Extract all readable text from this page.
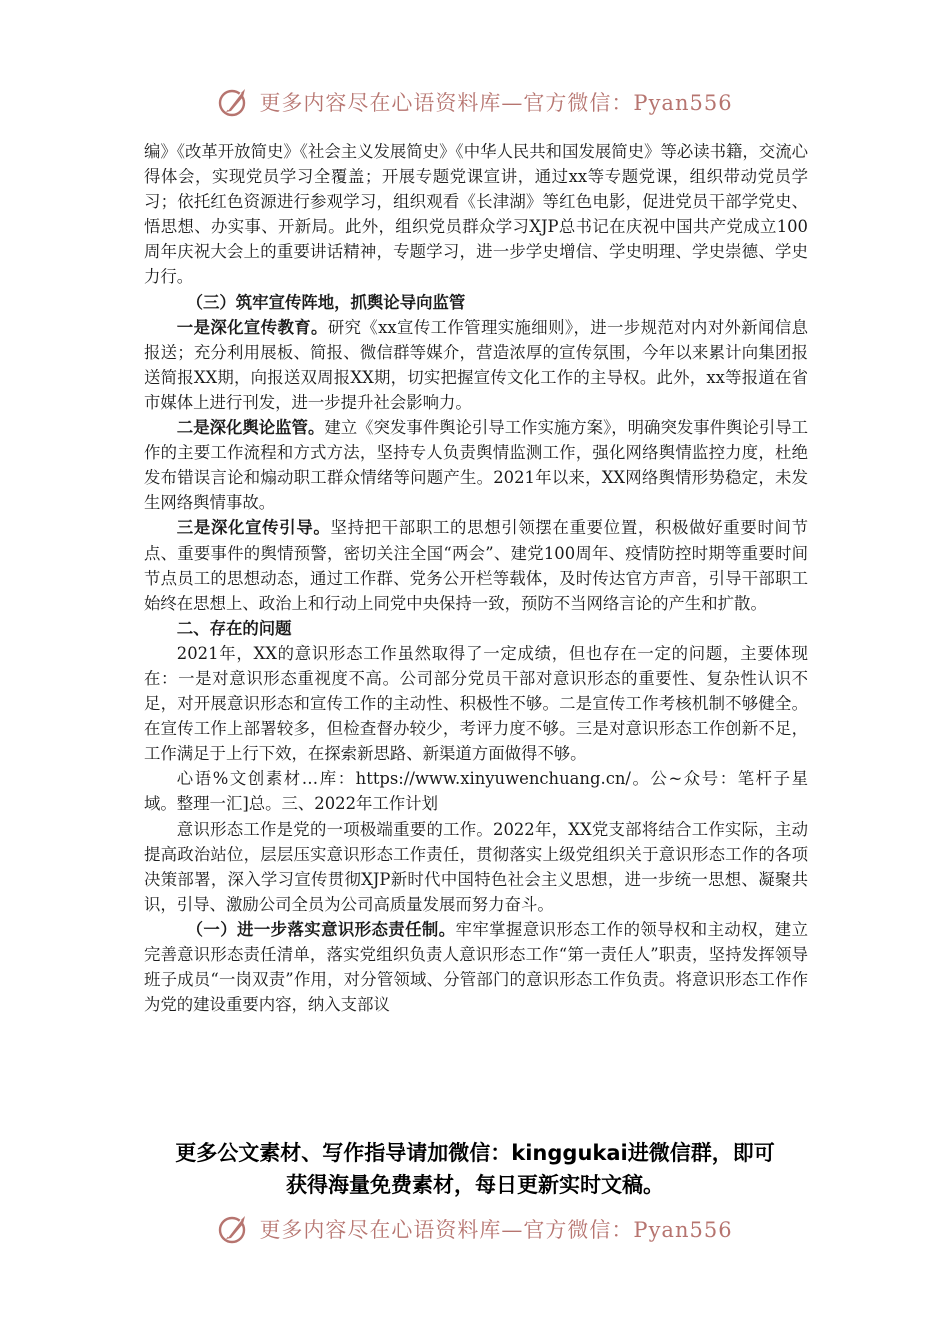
更多内容尽在心语资料库—官方微信：Pyan556

编》《改革开放简史》《社会主义发展简史》《中华人民共和国发展简史》等必读书籍，交流心得体会，实现党员学习全覆盖；开展专题党课宣讲，通过xx等专题党课，组织带动党员学习；依托红色资源进行参观学习，组织观看《长津湖》等红色电影，促进党员干部学党史、悟思想、办实事、开新局。此外，组织党员群众学习XJP总书记在庆祝中国共产党成立100周年庆祝大会上的重要讲话精神，专题学习，进一步学史增信、学史明理、学史崇德、学史力行。

（三）筑牢宣传阵地，抓舆论导向监管

一是深化宣传教育。研究《xx宣传工作管理实施细则》，进一步规范对内对外新闻信息报送；充分利用展板、简报、微信群等媒介，营造浓厚的宣传氛围，今年以来累计向集团报送简报XX期，向报送双周报XX期，切实把握宣传文化工作的主导权。此外，xx等报道在省市媒体上进行刊发，进一步提升社会影响力。

二是深化舆论监管。建立《突发事件舆论引导工作实施方案》，明确突发事件舆论引导工作的主要工作流程和方式方法，坚持专人负责舆情监测工作，强化网络舆情监控力度，杜绝发布错误言论和煽动职工群众情绪等问题产生。2021年以来，XX网络舆情形势稳定，未发生网络舆情事故。

三是深化宣传引导。坚持把干部职工的思想引领摆在重要位置，积极做好重要时间节点、重要事件的舆情预警，密切关注全国“两会”、建党100周年、疫情防控时期等重要时间节点员工的思想动态，通过工作群、党务公开栏等载体，及时传达官方声音，引导干部职工始终在思想上、政治上和行动上同党中央保持一致，预防不当网络言论的产生和扩散。

二、存在的问题

2021年，XX的意识形态工作虽然取得了一定成绩，但也存在一定的问题，主要体现在：一是对意识形态重视度不高。公司部分党员干部对意识形态的重要性、复杂性认识不足，对开展意识形态和宣传工作的主动性、积极性不够。二是宣传工作考核机制不够健全。在宣传工作上部署较多，但检查督办较少，考评力度不够。三是对意识形态工作创新不足，工作满足于上行下效，在探索新思路、新渠道方面做得不够。

心语%文创素材…库：https://www.xinyuwenchuang.cn/。公~众号：笔杆子星域。整理一汇]总。三、2022年工作计划

意识形态工作是党的一项极端重要的工作。2022年，XX党支部将结合工作实际，主动提高政治站位，层层压实意识形态工作责任，贯彻落实上级党组织关于意识形态工作的各项决策部署，深入学习宣传贯彻XJP新时代中国特色社会主义思想，进一步统一思想、凝聚共识，引导、激励公司全员为公司高质量发展而努力奋斗。

（一）进一步落实意识形态责任制。牢牢掌握意识形态工作的领导权和主动权，建立完善意识形态责任清单，落实党组织负责人意识形态工作“第一责任人”职责，坚持发挥领导班子成员“一岗双责”作用，对分管领域、分管部门的意识形态工作负责。将意识形态工作作为党的建设重要内容，纳入支部议

更多公文素材、写作指导请加微信：kinggukai进微信群，即可
获得海量免费素材，每日更新实时文稿。
更多内容尽在心语资料库—官方微信：Pyan556
